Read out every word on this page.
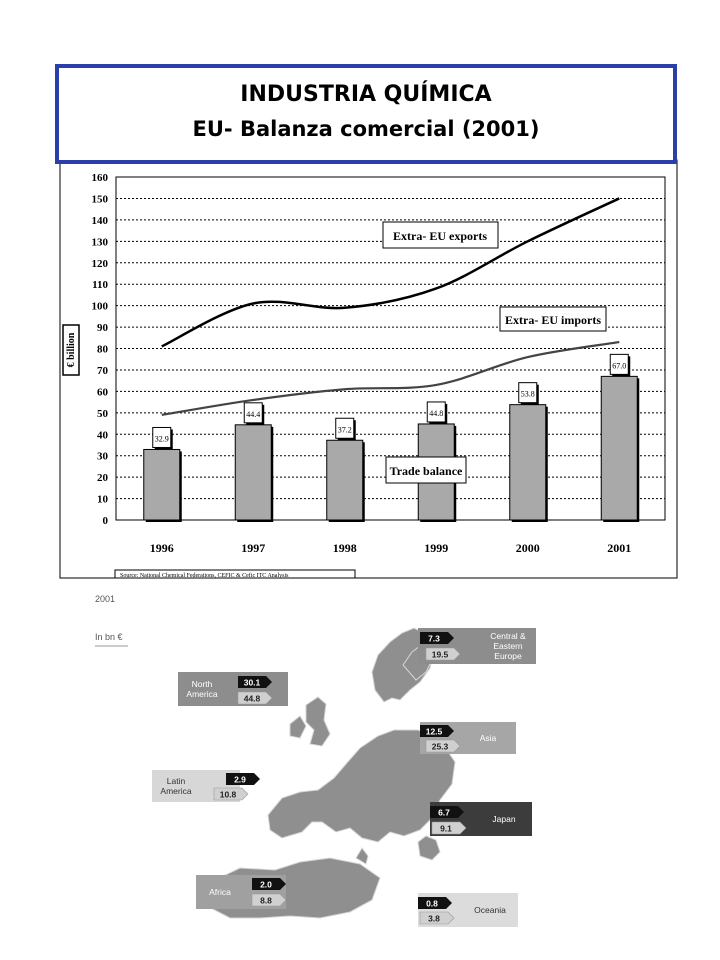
0
10
20
30
40
50
60
70
80
90
100
110
120
130
140
150
160
32.9
44.4
37.2
44.8
53.8
67.0
1996	1997	1998	1999	2000	2001
€ billion
Extra- EU exports
Extra- EU imports
Trade balance
Source: National Chemical Federations, CEFIC & Cefic ITC Analysis
INDUSTRIA QUÍMICA
EU- Balanza comercial (2001)
2001
In bn €	Central &
Eastern
Europe
7.3
19.5
North
America
30.1
44.8
Asia
12.5
25.3
Latin
America
2.9
10.8
Japan
6.7
9.1
Africa
2.0
8.8
Oceania
0.8
3.8
